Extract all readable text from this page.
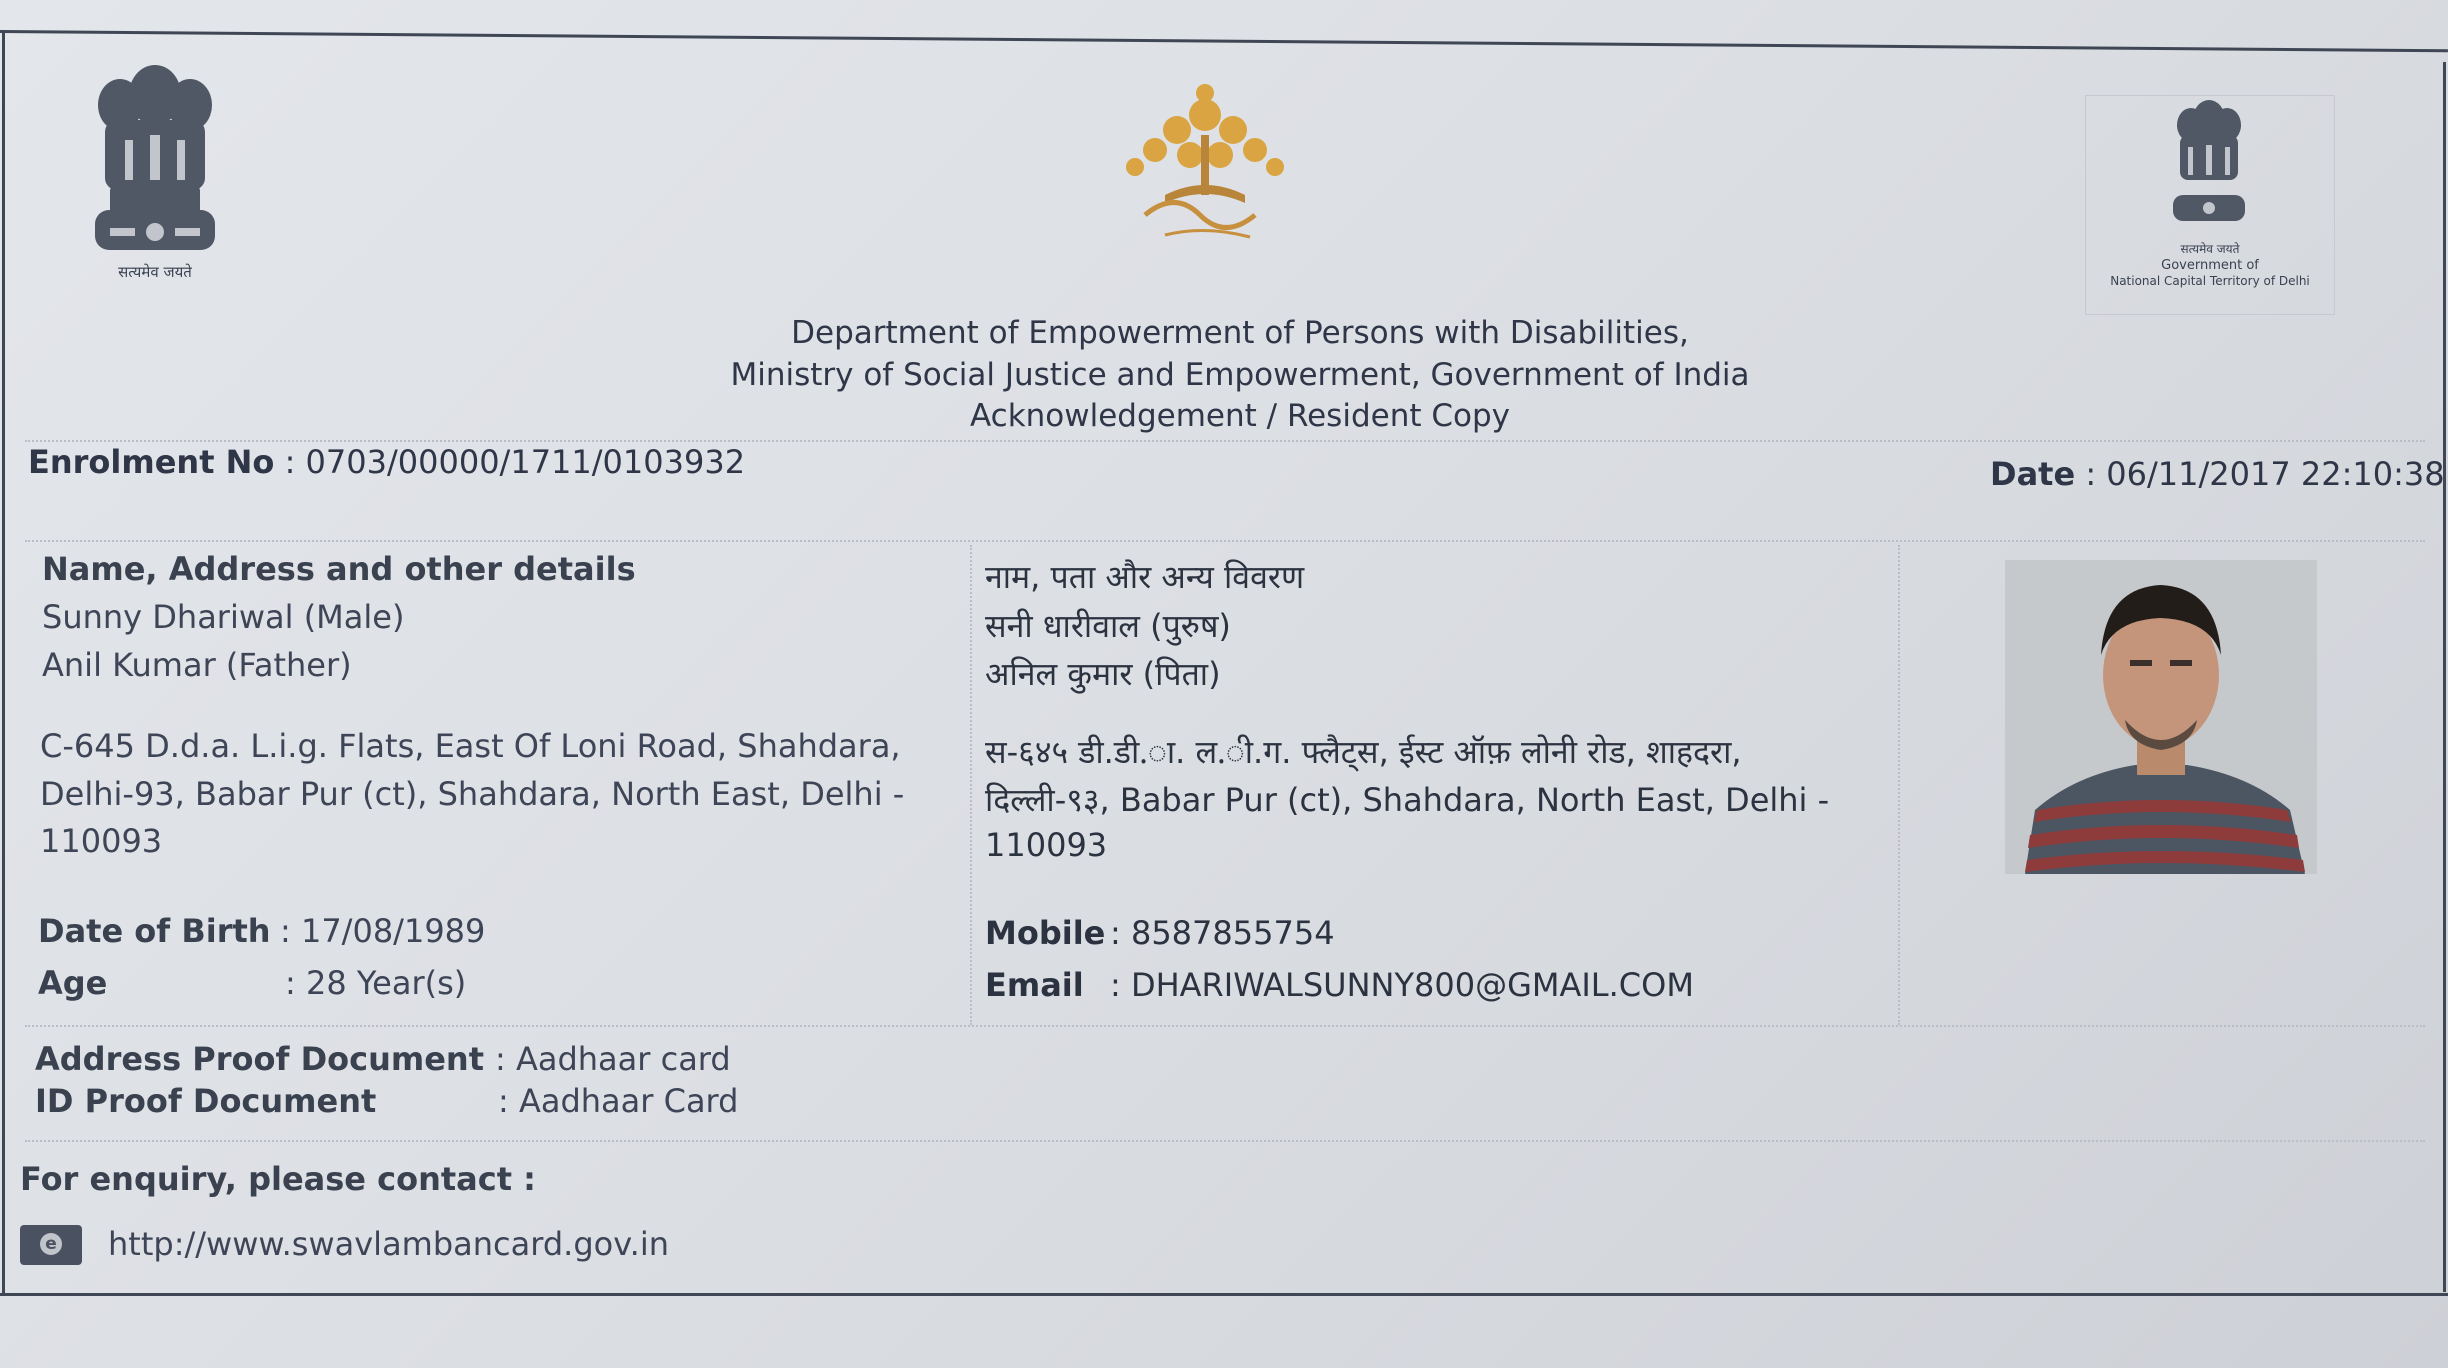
सत्यमेव जयते
सत्यमेव जयते
Government of
National Capital Territory of Delhi
Department of Empowerment of Persons with Disabilities,
Ministry of Social Justice and Empowerment, Government of India
Acknowledgement / Resident Copy
Enrolment No : 0703/00000/1711/0103932	Date : 06/11/2017 22:10:38
Name, Address and other details
Sunny Dhariwal (Male)
Anil Kumar (Father)
C-645 D.d.a. L.i.g. Flats, East Of Loni Road, Shahdara,
Delhi-93, Babar Pur (ct), Shahdara, North East, Delhi -
110093
Date of Birth : 17/08/1989
Age	: 28 Year(s)
नाम, पता और अन्य विवरण
सनी धारीवाल (पुरुष)
अनिल कुमार (पिता)
स-६४५ डी.डी.ा. ल.ी.ग. फ्लैट्स, ईस्ट ऑफ़ लोनी रोड, शाहदरा,
दिल्ली-९३, Babar Pur (ct), Shahdara, North East, Delhi -
110093
Mobile : 8587855754
Email : DHARIWALSUNNY800@GMAIL.COM
Address Proof Document : Aadhaar card
ID Proof Document	: Aadhaar Card
For enquiry, please contact :
e http://www.swavlambancard.gov.in
